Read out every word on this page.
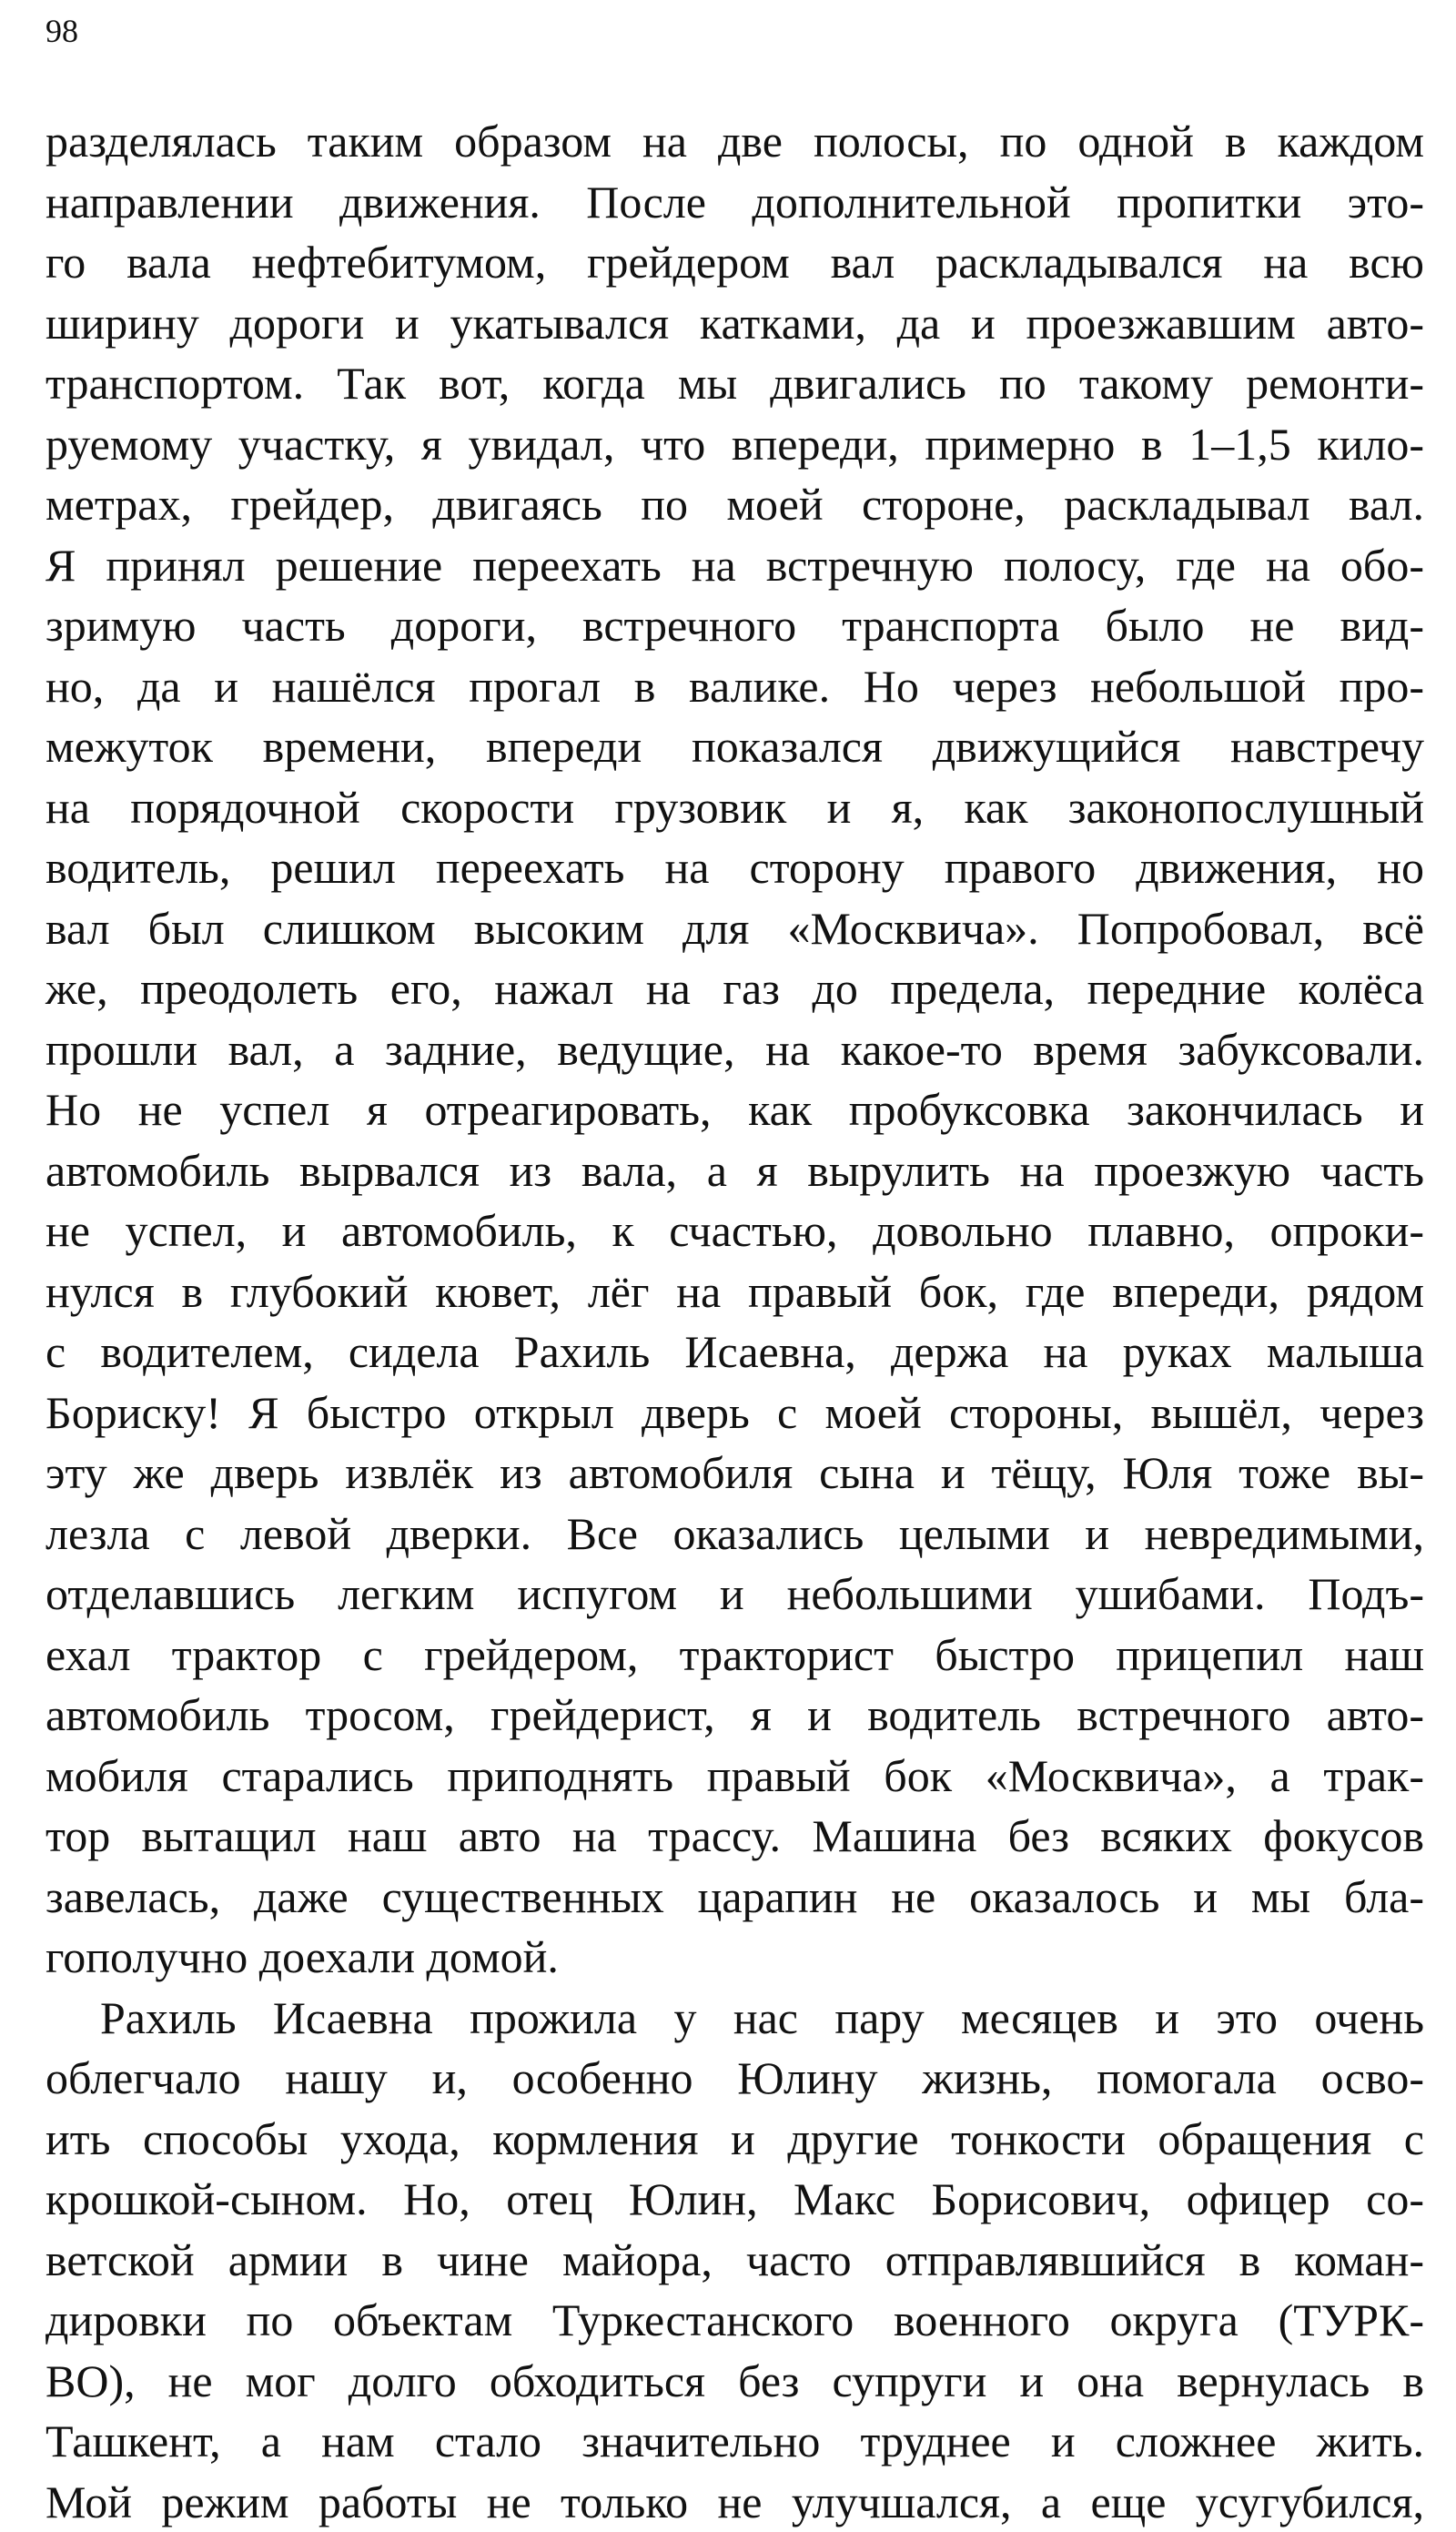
98
разделялась таким образом на две полосы, по одной в каждом
направлении движения. После дополнительной пропитки это-
го вала нефтебитумом, грейдером вал раскладывался на всю
ширину дороги и укатывался катками, да и проезжавшим авто-
транспортом. Так вот, когда мы двигались по такому ремонти-
руемому участку, я увидал, что впереди, примерно в 1–1,5 кило-
метрах, грейдер, двигаясь по моей стороне, раскладывал вал.
Я принял решение переехать на встречную полосу, где на обо-
зримую часть дороги, встречного транспорта было не вид-
но, да и нашёлся прогал в валике. Но через небольшой про-
межуток времени, впереди показался движущийся навстречу
на порядочной скорости грузовик и я, как законопослушный
водитель, решил переехать на сторону правого движения, но
вал был слишком высоким для «Москвича». Попробовал, всё
же, преодолеть его, нажал на газ до предела, передние колёса
прошли вал, а задние, ведущие, на какое-то время забуксовали.
Но не успел я отреагировать, как пробуксовка закончилась и
автомобиль вырвался из вала, а я вырулить на проезжую часть
не успел, и автомобиль, к счастью, довольно плавно, опроки-
нулся в глубокий кювет, лёг на правый бок, где впереди, рядом
с водителем, сидела Рахиль Исаевна, держа на руках малыша
Бориску! Я быстро открыл дверь с моей стороны, вышёл, через
эту же дверь извлёк из автомобиля сына и тёщу, Юля тоже вы-
лезла с левой дверки. Все оказались целыми и невредимыми,
отделавшись легким испугом и небольшими ушибами. Подъ-
ехал трактор с грейдером, тракторист быстро прицепил наш
автомобиль тросом, грейдерист, я и водитель встречного авто-
мобиля старались приподнять правый бок «Москвича», а трак-
тор вытащил наш авто на трассу. Машина без всяких фокусов
завелась, даже существенных царапин не оказалось и мы бла-
гополучно доехали домой.
Рахиль Исаевна прожила у нас пару месяцев и это очень
облегчало нашу и, особенно Юлину жизнь, помогала осво-
ить способы ухода, кормления и другие тонкости обращения с
крошкой-сыном. Но, отец Юлин, Макс Борисович, офицер со-
ветской армии в чине майора, часто отправлявшийся в коман-
дировки по объектам Туркестанского военного округа (ТУРК-
ВО), не мог долго обходиться без супруги и она вернулась в
Ташкент, а нам стало значительно труднее и сложнее жить.
Мой режим работы не только не улучшался, а еще усугубился,
